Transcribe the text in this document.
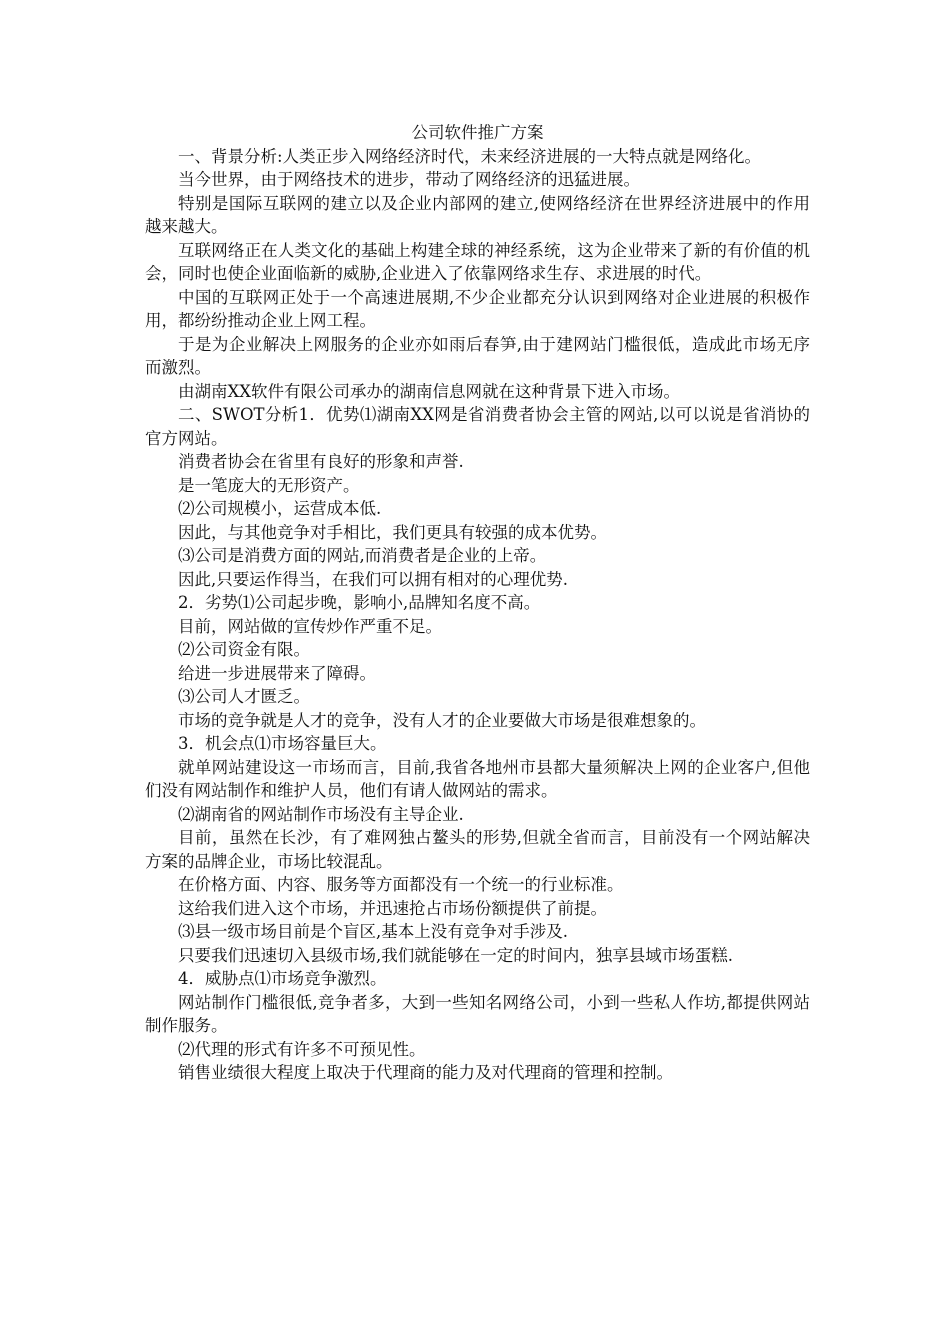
公司软件推广方案

一、背景分析:人类正步入网络经济时代，未来经济进展的一大特点就是网络化。

当今世界，由于网络技术的进步，带动了网络经济的迅猛进展。

特别是国际互联网的建立以及企业内部网的建立,使网络经济在世界经济进展中的作用越来越大。

互联网络正在人类文化的基础上构建全球的神经系统，这为企业带来了新的有价值的机会，同时也使企业面临新的威胁,企业进入了依靠网络求生存、求进展的时代。

中国的互联网正处于一个高速进展期,不少企业都充分认识到网络对企业进展的积极作用，都纷纷推动企业上网工程。

于是为企业解决上网服务的企业亦如雨后春笋,由于建网站门槛很低，造成此市场无序而激烈。

由湖南XX软件有限公司承办的湖南信息网就在这种背景下进入市场。

二、SWOT分析1．优势⑴湖南XX网是省消费者协会主管的网站,以可以说是省消协的官方网站。

消费者协会在省里有良好的形象和声誉.

是一笔庞大的无形资产。

⑵公司规模小，运营成本低.

因此，与其他竞争对手相比，我们更具有较强的成本优势。

⑶公司是消费方面的网站,而消费者是企业的上帝。

因此,只要运作得当，在我们可以拥有相对的心理优势.

2．劣势⑴公司起步晚，影响小,品牌知名度不高。

目前，网站做的宣传炒作严重不足。

⑵公司资金有限。

给进一步进展带来了障碍。

⑶公司人才匮乏。

市场的竞争就是人才的竞争，没有人才的企业要做大市场是很难想象的。

3．机会点⑴市场容量巨大。

就单网站建设这一市场而言，目前,我省各地州市县都大量须解决上网的企业客户,但他们没有网站制作和维护人员，他们有请人做网站的需求。

⑵湖南省的网站制作市场没有主导企业.

目前，虽然在长沙，有了难网独占鳌头的形势,但就全省而言，目前没有一个网站解决方案的品牌企业，市场比较混乱。

在价格方面、内容、服务等方面都没有一个统一的行业标准。

这给我们进入这个市场，并迅速抢占市场份额提供了前提。

⑶县一级市场目前是个盲区,基本上没有竞争对手涉及.

只要我们迅速切入县级市场,我们就能够在一定的时间内，独享县域市场蛋糕.

4．威胁点⑴市场竞争激烈。

网站制作门槛很低,竞争者多，大到一些知名网络公司，小到一些私人作坊,都提供网站制作服务。

⑵代理的形式有许多不可预见性。

销售业绩很大程度上取决于代理商的能力及对代理商的管理和控制。
